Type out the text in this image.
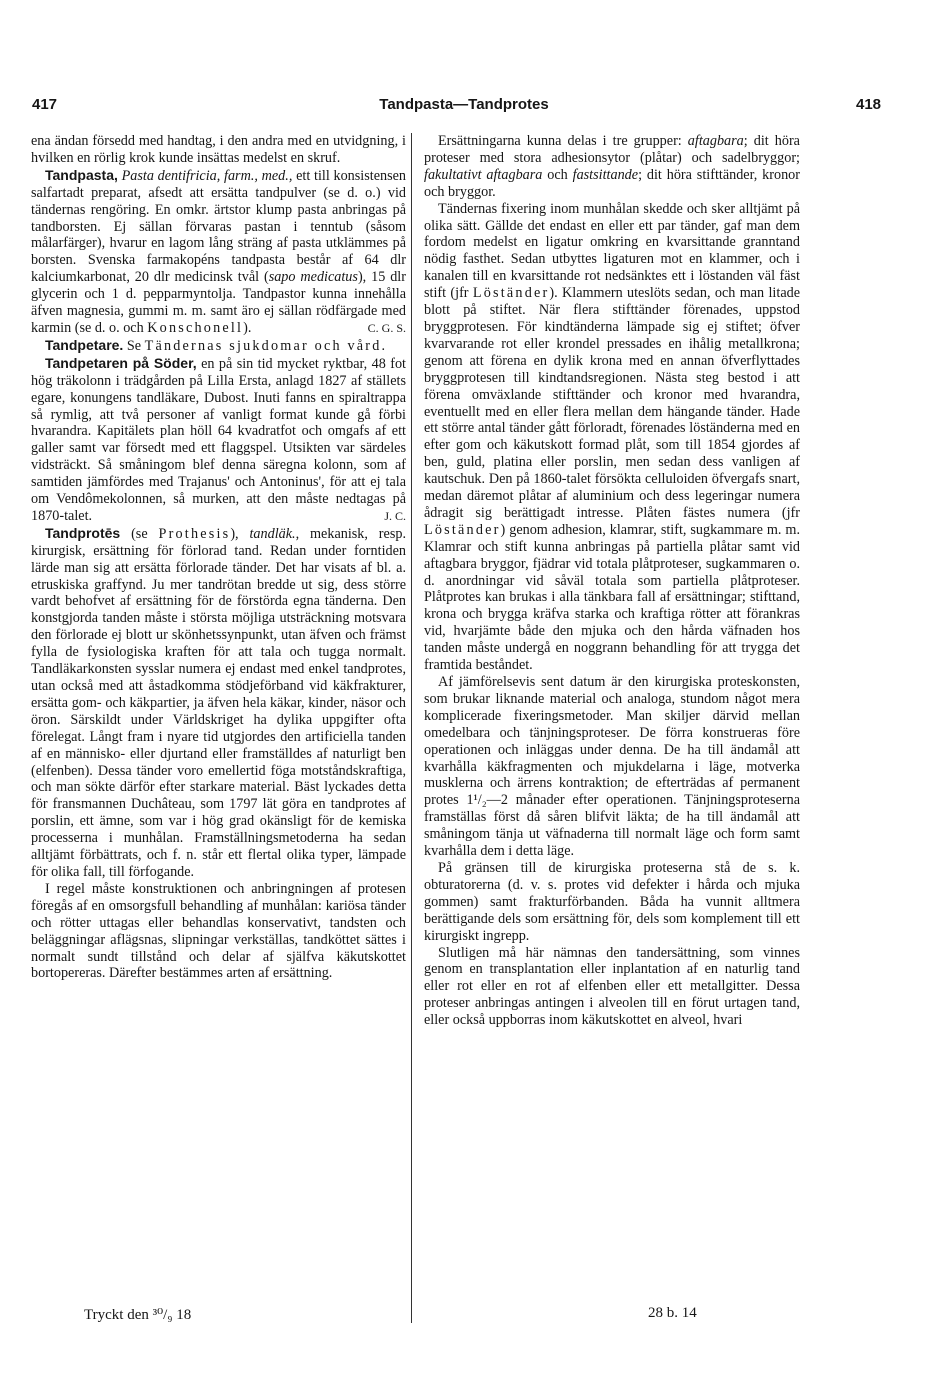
417	Tandpasta—Tandprotes	418

ena ändan försedd med handtag, i den andra med en utvidgning, i hvilken en rörlig krok kunde insättas medelst en skruf.

Tandpasta, Pasta dentifricia, farm., med., ett till konsistensen salfartadt preparat, afsedt att ersätta tandpulver (se d. o.) vid tändernas rengöring. En omkr. ärtstor klump pasta anbringas på tandborsten. Ej sällan förvaras pastan i tenntub (såsom målarfärger), hvarur en lagom lång sträng af pasta utklämmes på borsten. Svenska farmakopéns tandpasta består af 64 dlr kalciumkarbonat, 20 dlr medicinsk tvål (sapo medicatus), 15 dlr glycerin och 1 d. pepparmyntolja. Tandpastor kunna innehålla äfven magnesia, gummi m. m. samt äro ej sällan rödfärgade med karmin (se d. o. och Konschonell).	C. G. S.

Tandpetare. Se Tändernas sjukdomar och vård.

Tandpetaren på Söder, en på sin tid mycket ryktbar, 48 fot hög träkolonn i trädgården på Lilla Ersta, anlagd 1827 af ställets egare, konungens tandläkare, Dubost. Inuti fanns en spiraltrappa så rymlig, att två personer af vanligt format kunde gå förbi hvarandra. Kapitälets plan höll 64 kvadratfot och omgafs af ett galler samt var försedt med ett flaggspel. Utsikten var särdeles vidsträckt. Så småningom blef denna säregna kolonn, som af samtiden jämfördes med Trajanus' och Antoninus', för att ej tala om Vendômekolonnen, så murken, att den måste nedtagas på 1870-talet.	J. C.

Tandprotēs (se Prothesis), tandläk., mekanisk, resp. kirurgisk, ersättning för förlorad tand. Redan under forntiden lärde man sig att ersätta förlorade tänder. Det har visats af bl. a. etruskiska graffynd. Ju mer tandrötan bredde ut sig, dess större vardt behofvet af ersättning för de förstörda egna tänderna. Den konstgjorda tanden måste i största möjliga utsträckning motsvara den förlorade ej blott ur skönhetssynpunkt, utan äfven och främst fylla de fysiologiska kraften för att tala och tugga normalt. Tandläkarkonsten sysslar numera ej endast med enkel tandprotes, utan också med att åstadkomma stödjeförband vid käkfrakturer, ersätta gom- och käkpartier, ja äfven hela käkar, kinder, näsor och öron. Särskildt under Världskriget ha dylika uppgifter ofta förelegat. Långt fram i nyare tid utgjordes den artificiella tanden af en människo- eller djurtand eller framställdes af naturligt ben (elfenben). Dessa tänder voro emellertid föga motståndskraftiga, och man sökte därför efter starkare material. Bäst lyckades detta för fransmannen Duchâteau, som 1797 lät göra en tandprotes af porslin, ett ämne, som var i hög grad okänsligt för de kemiska processerna i munhålan. Framställningsmetoderna ha sedan alltjämt förbättrats, och f. n. står ett flertal olika typer, lämpade för olika fall, till förfogande.

I regel måste konstruktionen och anbringningen af protesen föregås af en omsorgsfull behandling af munhålan: kariösa tänder och rötter uttagas eller behandlas konservativt, tandsten och beläggningar aflägsnas, slipningar verkställas, tandköttet sättes i normalt sundt tillstånd och delar af själfva käkutskottet bortopereras. Därefter bestämmes arten af ersättning.

Ersättningarna kunna delas i tre grupper: aftagbara; dit höra proteser med stora adhesionsytor (plåtar) och sadelbryggor; fakultativt aftagbara och fastsittande; dit höra stifttänder, kronor och bryggor.

Tändernas fixering inom munhålan skedde och sker alltjämt på olika sätt. Gällde det endast en eller ett par tänder, gaf man dem fordom medelst en ligatur omkring en kvarsittande granntand nödig fasthet. Sedan utbyttes ligaturen mot en klammer, och i kanalen till en kvarsittande rot nedsänktes ett i löstanden väl fäst stift (jfr Löständer). Klammern uteslöts sedan, och man litade blott på stiftet. När flera stifttänder förenades, uppstod bryggprotesen. För kindtänderna lämpade sig ej stiftet; öfver kvarvarande rot eller krondel pressades en ihålig metallkrona; genom att förena en dylik krona med en annan öfverflyttades bryggprotesen till kindtandsregionen. Nästa steg bestod i att förena omväxlande stifttänder och kronor med hvarandra, eventuellt med en eller flera mellan dem hängande tänder. Hade ett större antal tänder gått förloradt, förenades löständerna med en efter gom och käkutskott formad plåt, som till 1854 gjordes af ben, guld, platina eller porslin, men sedan dess vanligen af kautschuk. Den på 1860-talet försökta celluloiden öfvergafs snart, medan däremot plåtar af aluminium och dess legeringar numera ådragit sig berättigadt intresse. Plåten fästes numera (jfr Löständer) genom adhesion, klamrar, stift, sugkammare m. m. Klamrar och stift kunna anbringas på partiella plåtar samt vid aftagbara bryggor, fjädrar vid totala plåtproteser, sugkammaren o. d. anordningar vid såväl totala som partiella plåtproteser. Plåtprotes kan brukas i alla tänkbara fall af ersättningar; stifttand, krona och brygga kräfva starka och kraftiga rötter att förankras vid, hvarjämte både den mjuka och den hårda väfnaden hos tanden måste undergå en noggrann behandling för att trygga det framtida beståndet.

Af jämförelsevis sent datum är den kirurgiska proteskonsten, som brukar liknande material och analoga, stundom något mera komplicerade fixeringsmetoder. Man skiljer därvid mellan omedelbara och tänjningsproteser. De förra konstrueras före operationen och inläggas under denna. De ha till ändamål att kvarhålla käkfragmenten och mjukdelarna i läge, motverka musklerna och ärrens kontraktion; de efterträdas af permanent protes 1¹/₂—2 månader efter operationen. Tänjningsproteserna framställas först då såren blifvit läkta; de ha till ändamål att småningom tänja ut väfnaderna till normalt läge och form samt kvarhålla dem i detta läge.

På gränsen till de kirurgiska proteserna stå de s. k. obturatorerna (d. v. s. protes vid defekter i hårda och mjuka gommen) samt frakturförbanden. Båda ha vunnit alltmera berättigande dels som ersättning för, dels som komplement till ett kirurgiskt ingrepp.

Slutligen må här nämnas den tandersättning, som vinnes genom en transplantation eller inplantation af en naturlig tand eller rot eller en rot af elfenben eller ett metallgitter. Dessa proteser anbringas antingen i alveolen till en förut urtagen tand, eller också uppborras inom käkutskottet en alveol, hvari

Tryckt den ³⁰/₉ 18	28 b. 14
